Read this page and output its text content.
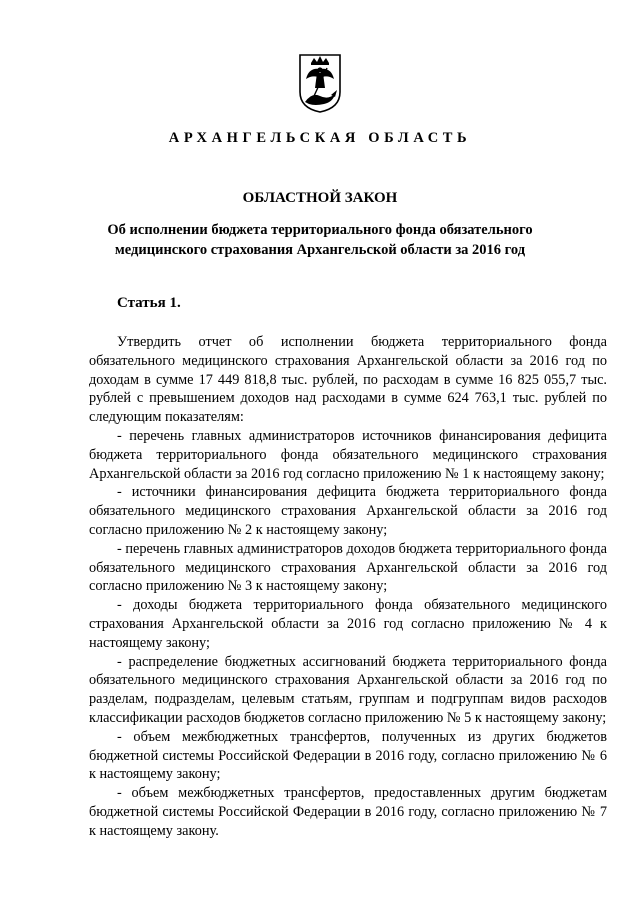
АРХАНГЕЛЬСКАЯ ОБЛАСТЬ
ОБЛАСТНОЙ ЗАКОН
Об исполнении бюджета территориального фонда обязательного медицинского страхования Архангельской области за 2016 год
Статья 1.

Утвердить отчет об исполнении бюджета территориального фонда обязательного медицинского страхования Архангельской области за 2016 год по доходам в сумме 17 449 818,8 тыс. рублей, по расходам в сумме 16 825 055,7 тыс. рублей с превышением доходов над расходами в сумме 624 763,1 тыс. рублей по следующим показателям:

- перечень главных администраторов источников финансирования дефицита бюджета территориального фонда обязательного медицинского страхования Архангельской области за 2016 год согласно приложению № 1 к настоящему закону;

- источники финансирования дефицита бюджета территориального фонда обязательного медицинского страхования Архангельской области за 2016 год согласно приложению № 2 к настоящему закону;

- перечень главных администраторов доходов бюджета территориального фонда обязательного медицинского страхования Архангельской области за 2016 год согласно приложению № 3 к настоящему закону;

- доходы бюджета территориального фонда обязательного медицинского страхования Архангельской области за 2016 год согласно приложению № 4 к настоящему закону;

- распределение бюджетных ассигнований бюджета территориального фонда обязательного медицинского страхования Архангельской области за 2016 год по разделам, подразделам, целевым статьям, группам и подгруппам видов расходов классификации расходов бюджетов согласно приложению № 5 к настоящему закону;

- объем межбюджетных трансфертов, полученных из других бюджетов бюджетной системы Российской Федерации в 2016 году, согласно приложению № 6 к настоящему закону;

- объем межбюджетных трансфертов, предоставленных другим бюджетам бюджетной системы Российской Федерации в 2016 году, согласно приложению № 7 к настоящему закону.
